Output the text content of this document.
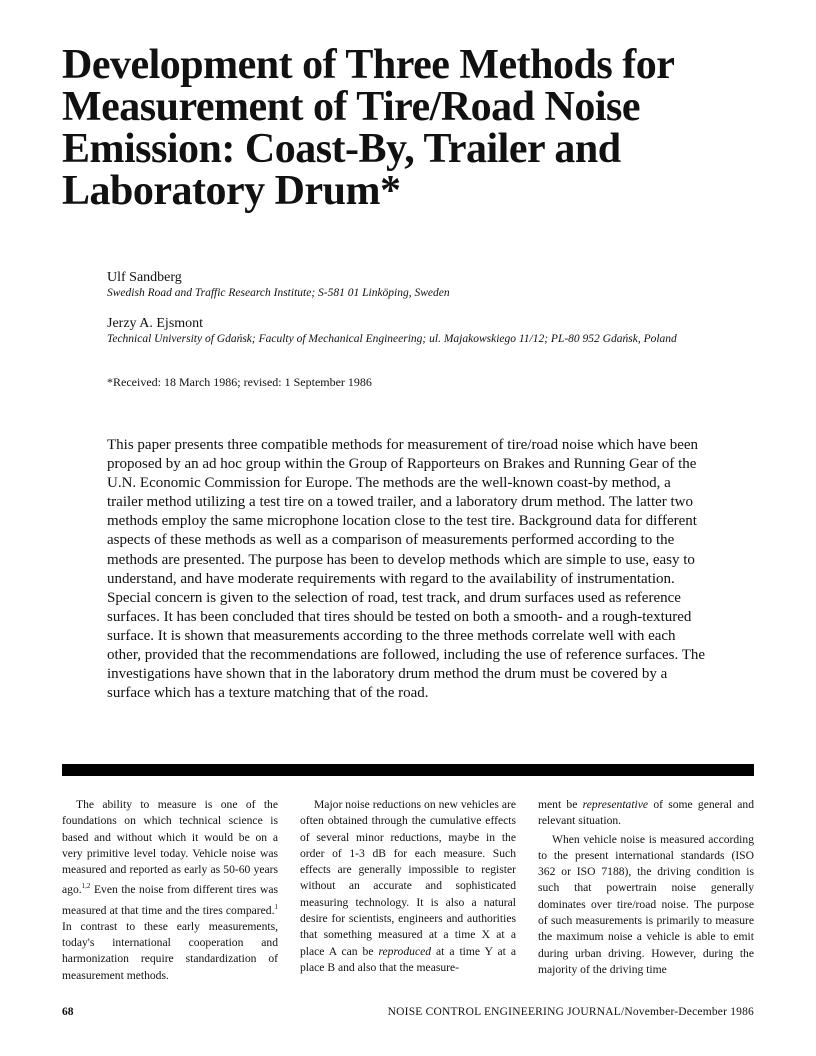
Development of Three Methods for Measurement of Tire/Road Noise Emission: Coast-By, Trailer and Laboratory Drum*
Ulf Sandberg
Swedish Road and Traffic Research Institute; S-581 01 Linköping, Sweden
Jerzy A. Ejsmont
Technical University of Gdańsk; Faculty of Mechanical Engineering; ul. Majakowskiego 11/12; PL-80 952 Gdańsk, Poland
*Received: 18 March 1986; revised: 1 September 1986

This paper presents three compatible methods for measurement of tire/road noise which have been proposed by an ad hoc group within the Group of Rapporteurs on Brakes and Running Gear of the U.N. Economic Commission for Europe. The methods are the well-known coast-by method, a trailer method utilizing a test tire on a towed trailer, and a laboratory drum method. The latter two methods employ the same microphone location close to the test tire. Background data for different aspects of these methods as well as a comparison of measurements performed according to the methods are presented. The purpose has been to develop methods which are simple to use, easy to understand, and have moderate requirements with regard to the availability of instrumentation. Special concern is given to the selection of road, test track, and drum surfaces used as reference surfaces. It has been concluded that tires should be tested on both a smooth- and a rough-textured surface. It is shown that measurements according to the three methods correlate well with each other, provided that the recommendations are followed, including the use of reference surfaces. The investigations have shown that in the laboratory drum method the drum must be covered by a surface which has a texture matching that of the road.

The ability to measure is one of the foundations on which technical science is based and without which it would be on a very primitive level today. Vehicle noise was measured and reported as early as 50-60 years ago.$^{1,2}$ Even the noise from different tires was measured at that time and the tires compared.$^1$ In contrast to these early measurements, today's international cooperation and harmonization require standardization of measurement methods.

Major noise reductions on new vehicles are often obtained through the cumulative effects of several minor reductions, maybe in the order of 1-3 dB for each measure. Such effects are generally impossible to register without an accurate and sophisticated measuring technology. It is also a natural desire for scientists, engineers and authorities that something measured at a time X at a place A can be reproduced at a time Y at a place B and also that the measure-

ment be representative of some general and relevant situation.

When vehicle noise is measured according to the present international standards (ISO 362 or ISO 7188), the driving condition is such that powertrain noise generally dominates over tire/road noise. The purpose of such measurements is primarily to measure the maximum noise a vehicle is able to emit during urban driving. However, during the majority of the driving time

68	NOISE CONTROL ENGINEERING JOURNAL/November-December 1986
